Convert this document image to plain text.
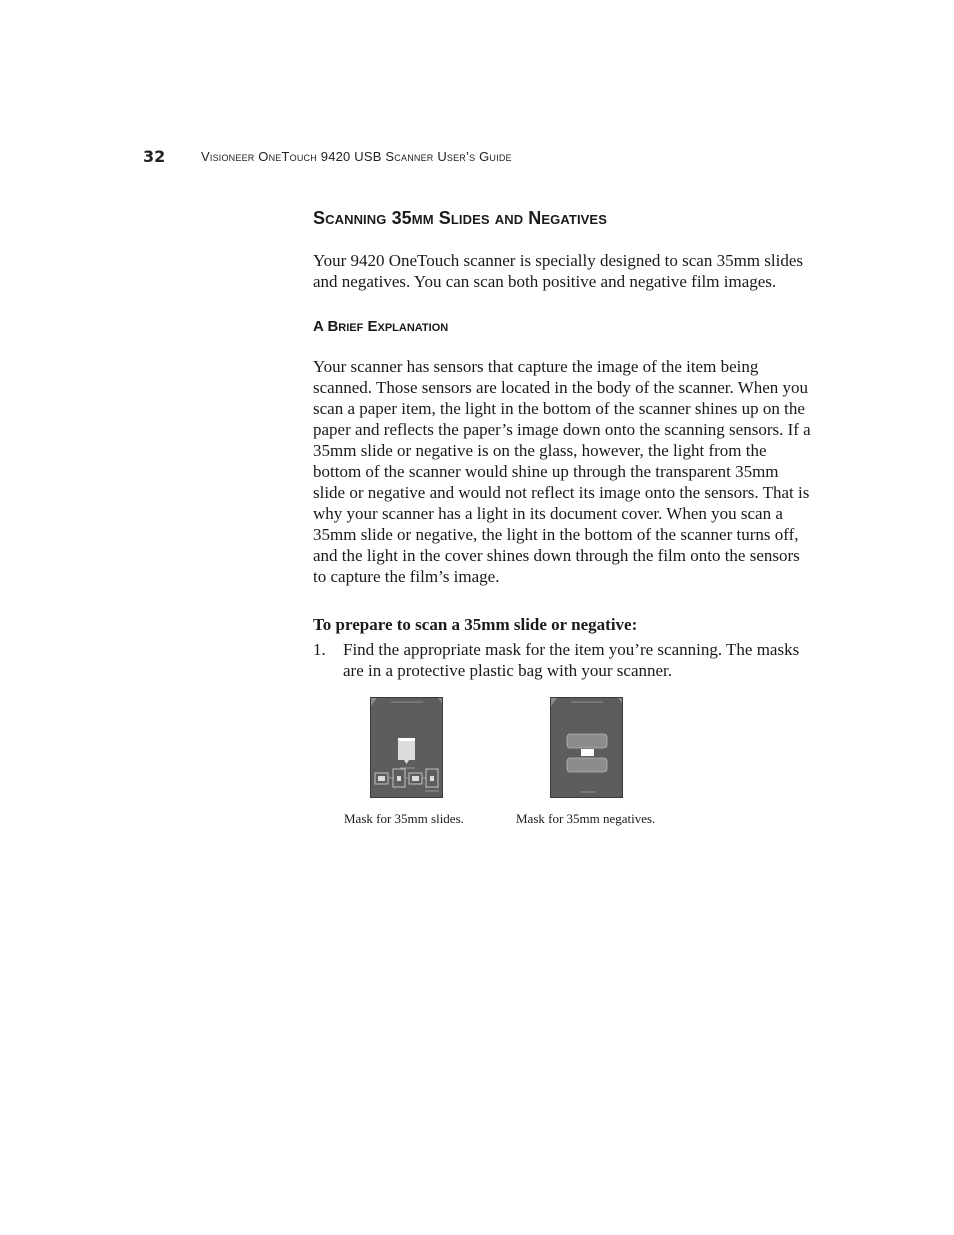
32	Visioneer OneTouch 9420 USB Scanner User’s Guide
Scanning 35mm Slides and Negatives

Your 9420 OneTouch scanner is specially designed to scan 35mm slides and negatives. You can scan both positive and negative film images.

A Brief Explanation

Your scanner has sensors that capture the image of the item being scanned. Those sensors are located in the body of the scanner. When you scan a paper item, the light in the bottom of the scanner shines up on the paper and reflects the paper’s image down onto the scanning sensors. If a 35mm slide or negative is on the glass, however, the light from the bottom of the scanner would shine up through the transparent 35mm slide or negative and would not reflect its image onto the sensors. That is why your scanner has a light in its document cover. When you scan a 35mm slide or negative, the light in the bottom of the scanner turns off, and the light in the cover shines down through the film onto the sensors to capture the film’s image.

To prepare to scan a 35mm slide or negative:
1. Find the appropriate mask for the item you’re scanning. The masks are in a protective plastic bag with your scanner.
Mask for 35mm slides.	Mask for 35mm negatives.
